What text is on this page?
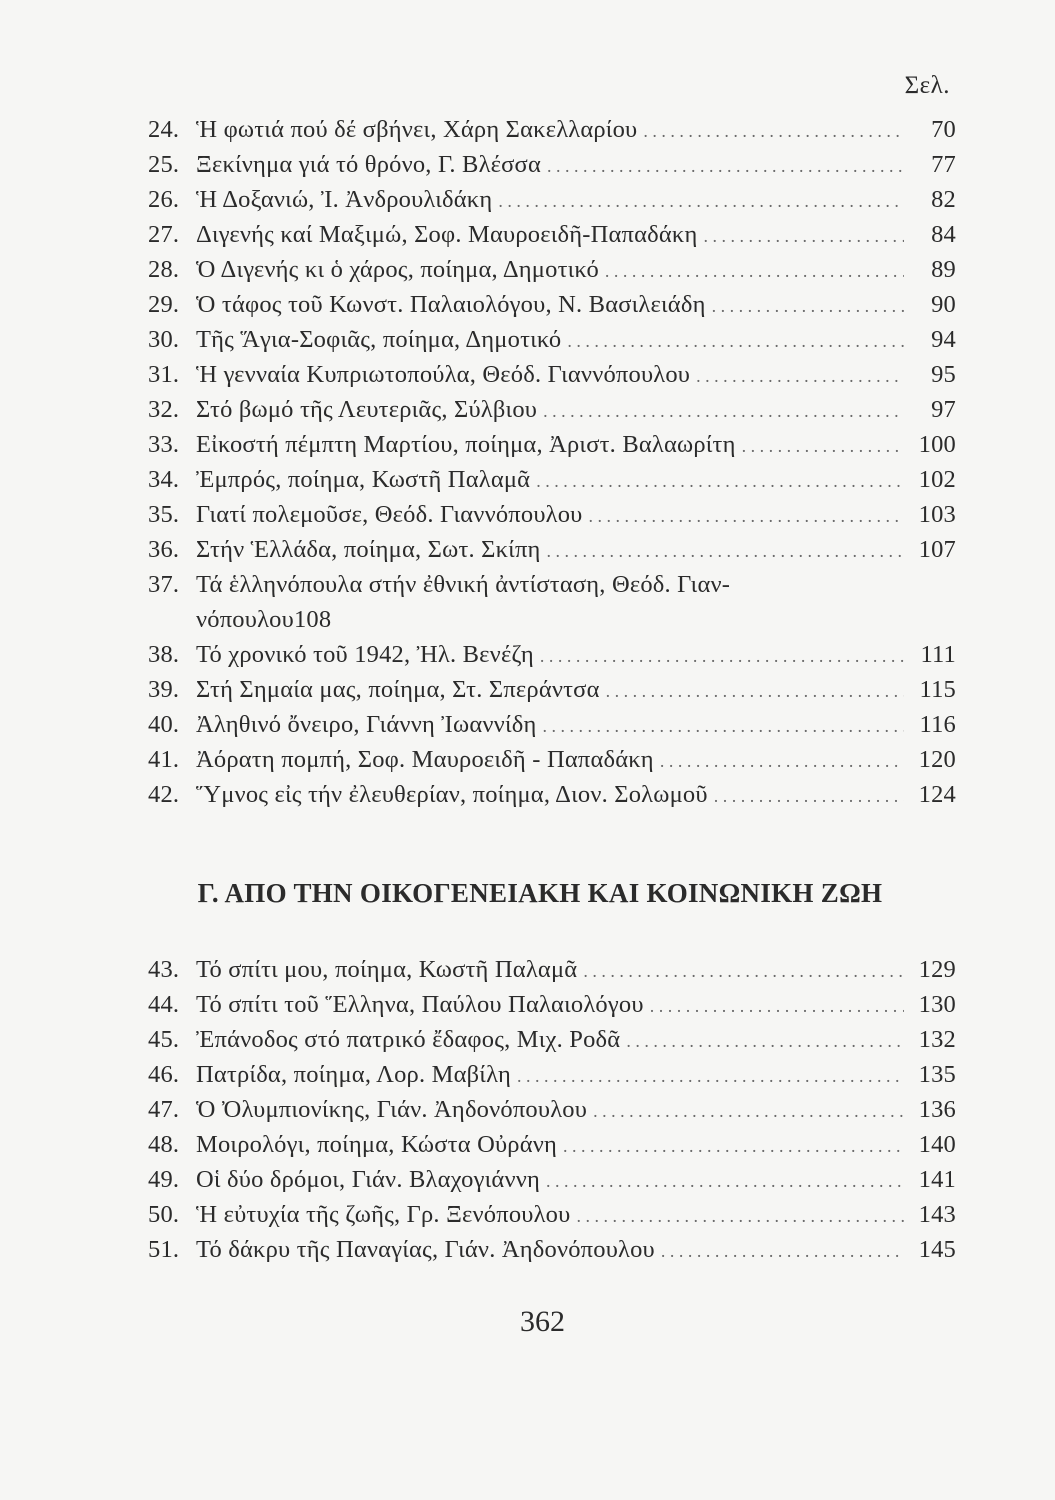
Σελ.
24. Ἡ φωτιά πού δέ σβήνει, Χάρη Σακελλαρίου . . .	70
25. Ξεκίνημα γιά τό θρόνο, Γ. Βλέσσα . . .	77
26. Ἡ Δοξανιώ, Ἰ. Ἀνδρουλιδάκη . . .	82
27. Διγενής καί Μαξιμώ, Σοφ. Μαυροειδῆ-Παπαδάκη . . .	84
28. Ὁ Διγενής κι ὁ χάρος, ποίημα, Δημοτικό . . .	89
29. Ὁ τάφος τοῦ Κωνστ. Παλαιολόγου, Ν. Βασιλειάδη . . .	90
30. Τῆς Ἅγια-Σοφιᾶς, ποίημα, Δημοτικό . . .	94
31. Ἡ γενναία Κυπριωτοπούλα, Θεόδ. Γιαννόπουλου . . .	95
32. Στό βωμό τῆς Λευτεριᾶς, Σύλβιου . . .	97
33. Εἰκοστή πέμπτη Μαρτίου, ποίημα, Ἀριστ. Βαλαωρίτη . . .	100
34. Ἐμπρός, ποίημα, Κωστῆ Παλαμᾶ . . .	102
35. Γιατί πολεμοῦσε, Θεόδ. Γιαννόπουλου . . .	103
36. Στήν Ἑλλάδα, ποίημα, Σωτ. Σκίπη . . .	107
37. Τά ἑλληνόπουλα στήν ἐθνική ἀντίσταση, Θεόδ. Γιαν-
νόπουλου 108
38. Τό χρονικό τοῦ 1942, Ἠλ. Βενέζη . . .	111
39. Στή Σημαία μας, ποίημα, Στ. Σπεράντσα . . .	115
40. Ἀληθινό ὄνειρο, Γιάννη Ἰωαννίδη . . .	116
41. Ἀόρατη πομπή, Σοφ. Μαυροειδῆ - Παπαδάκη . . .	120
42. Ὕμνος εἰς τήν ἐλευθερίαν, ποίημα, Διον. Σολωμοῦ . . .	124
Γ. ΑΠΟ ΤΗΝ ΟΙΚΟΓΕΝΕΙΑΚΗ ΚΑΙ ΚΟΙΝΩΝΙΚΗ ΖΩΗ
43. Τό σπίτι μου, ποίημα, Κωστῆ Παλαμᾶ . . .	129
44. Τό σπίτι τοῦ Ἕλληνα, Παύλου Παλαιολόγου . . .	130
45. Ἐπάνοδος στό πατρικό ἔδαφος, Μιχ. Ροδᾶ . . .	132
46. Πατρίδα, ποίημα, Λορ. Μαβίλη . . .	135
47. Ὁ Ὀλυμπιονίκης, Γιάν. Ἀηδονόπουλου . . .	136
48. Μοιρολόγι, ποίημα, Κώστα Οὐράνη . . .	140
49. Οἱ δύο δρόμοι, Γιάν. Βλαχογιάννη . . .	141
50. Ἡ εὐτυχία τῆς ζωῆς, Γρ. Ξενόπουλου . . .	143
51. Τό δάκρυ τῆς Παναγίας, Γιάν. Ἀηδονόπουλου . . .	145
362
